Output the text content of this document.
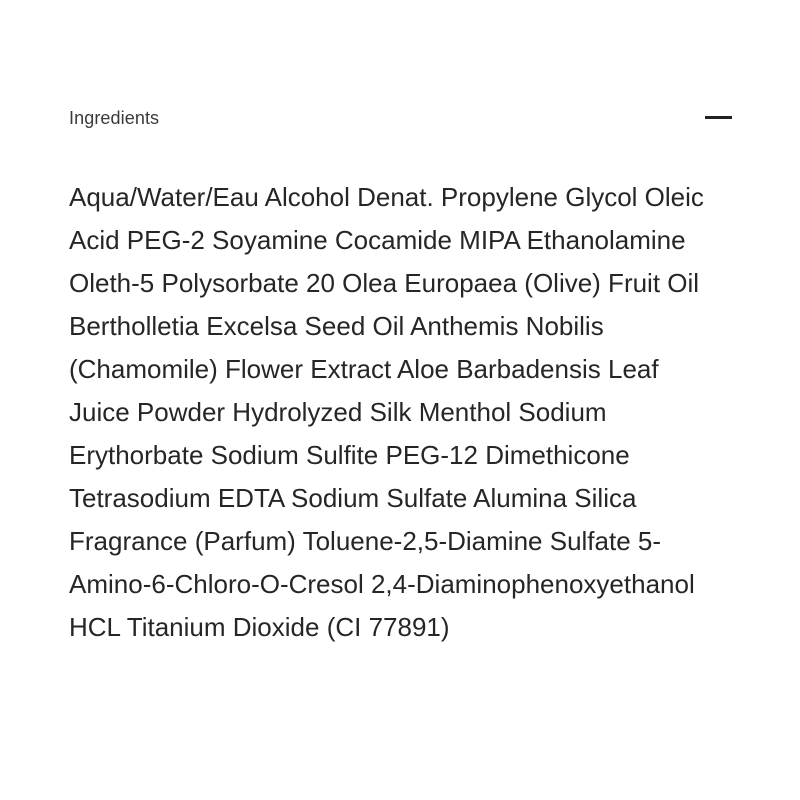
Ingredients
Aqua/Water/Eau Alcohol Denat. Propylene Glycol Oleic Acid PEG-2 Soyamine Cocamide MIPA Ethanolamine Oleth-5 Polysorbate 20 Olea Europaea (Olive) Fruit Oil Bertholletia Excelsa Seed Oil Anthemis Nobilis (Chamomile) Flower Extract Aloe Barbadensis Leaf Juice Powder Hydrolyzed Silk Menthol Sodium Erythorbate Sodium Sulfite PEG-12 Dimethicone Tetrasodium EDTA Sodium Sulfate Alumina Silica Fragrance (Parfum) Toluene-2,5-Diamine Sulfate 5-Amino-6-Chloro-O-Cresol 2,4-Diaminophenoxyethanol HCL Titanium Dioxide (CI 77891)
